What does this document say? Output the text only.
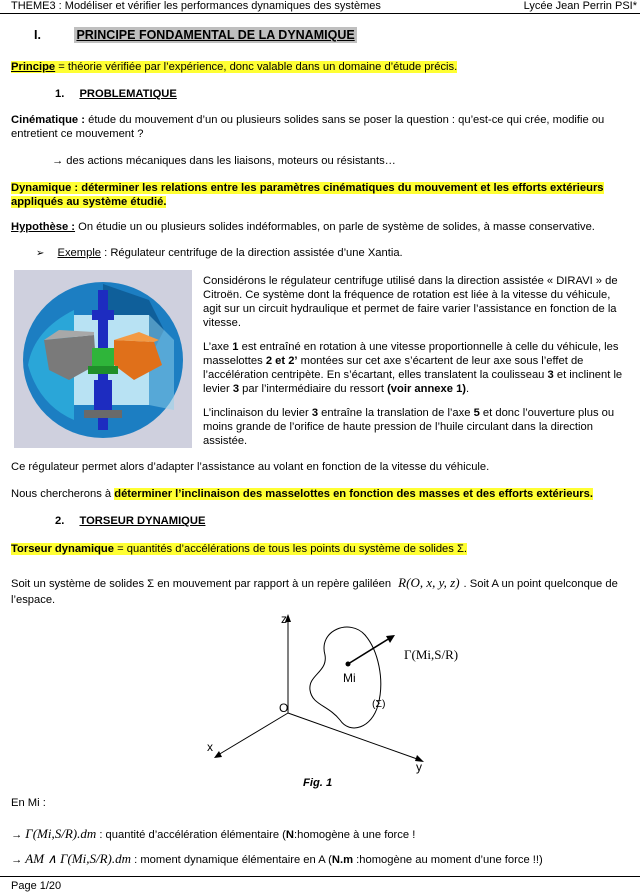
THEME3 : Modéliser et vérifier les performances dynamiques des systèmes	Lycée Jean Perrin PSI*
I.	PRINCIPE FONDAMENTAL DE LA DYNAMIQUE
Principe = théorie vérifiée par l’expérience, donc valable dans un domaine d’étude précis.
1. PROBLEMATIQUE
Cinématique : étude du mouvement d’un ou plusieurs solides sans se poser la question : qu’est-ce qui crée, modifie ou entretient ce mouvement ?
→ des actions mécaniques dans les liaisons, moteurs ou résistants…
Dynamique : déterminer les relations entre les paramètres cinématiques du mouvement et les efforts extérieurs appliqués au système étudié.
Hypothèse : On étudie un ou plusieurs solides indéformables, on parle de système de solides, à masse conservative.
➢ Exemple : Régulateur centrifuge de la direction assistée d’une Xantia.
Considérons le régulateur centrifuge utilisé dans la direction assistée « DIRAVI » de Citroën. Ce système dont la fréquence de rotation est liée à la vitesse du véhicule, agit sur un circuit hydraulique et permet de faire varier l’assistance en fonction de la vitesse.
L’axe 1 est entraîné en rotation à une vitesse proportionnelle à celle du véhicule, les masselottes 2 et 2’ montées sur cet axe s’écartent de leur axe sous l’effet de l’accélération centripète. En s’écartant, elles translatent la coulisseau 3 et inclinent le levier 3 par l’intermédiaire du ressort (voir annexe 1).
L’inclinaison du levier 3 entraîne la translation de l’axe 5 et donc l’ouverture plus ou moins grande de l’orifice de haute pression de l’huile circulant dans la direction assistée.
Ce régulateur permet alors d’adapter l’assistance au volant en fonction de la vitesse du véhicule.
Nous chercherons à déterminer l’inclinaison des masselottes en fonction des masses et des efforts extérieurs.
2. TORSEUR DYNAMIQUE
Torseur dynamique = quantités d’accélérations de tous les points du système de solides Σ.
Soit un système de solides Σ en mouvement par rapport à un repère galiléen R(O, x, y, z) . Soit A un point quelconque de l’espace.
z
x
y
O
Mi
(Σ)
Γ(Mi,S/R)
Fig. 1
En Mi :
→ Γ(Mi,S/R).dm : quantité d’accélération élémentaire (N:homogène à une force !
→ AM ∧ Γ(Mi,S/R).dm : moment dynamique élémentaire en A (N.m :homogène au moment d’une force !!)
Page 1/20
